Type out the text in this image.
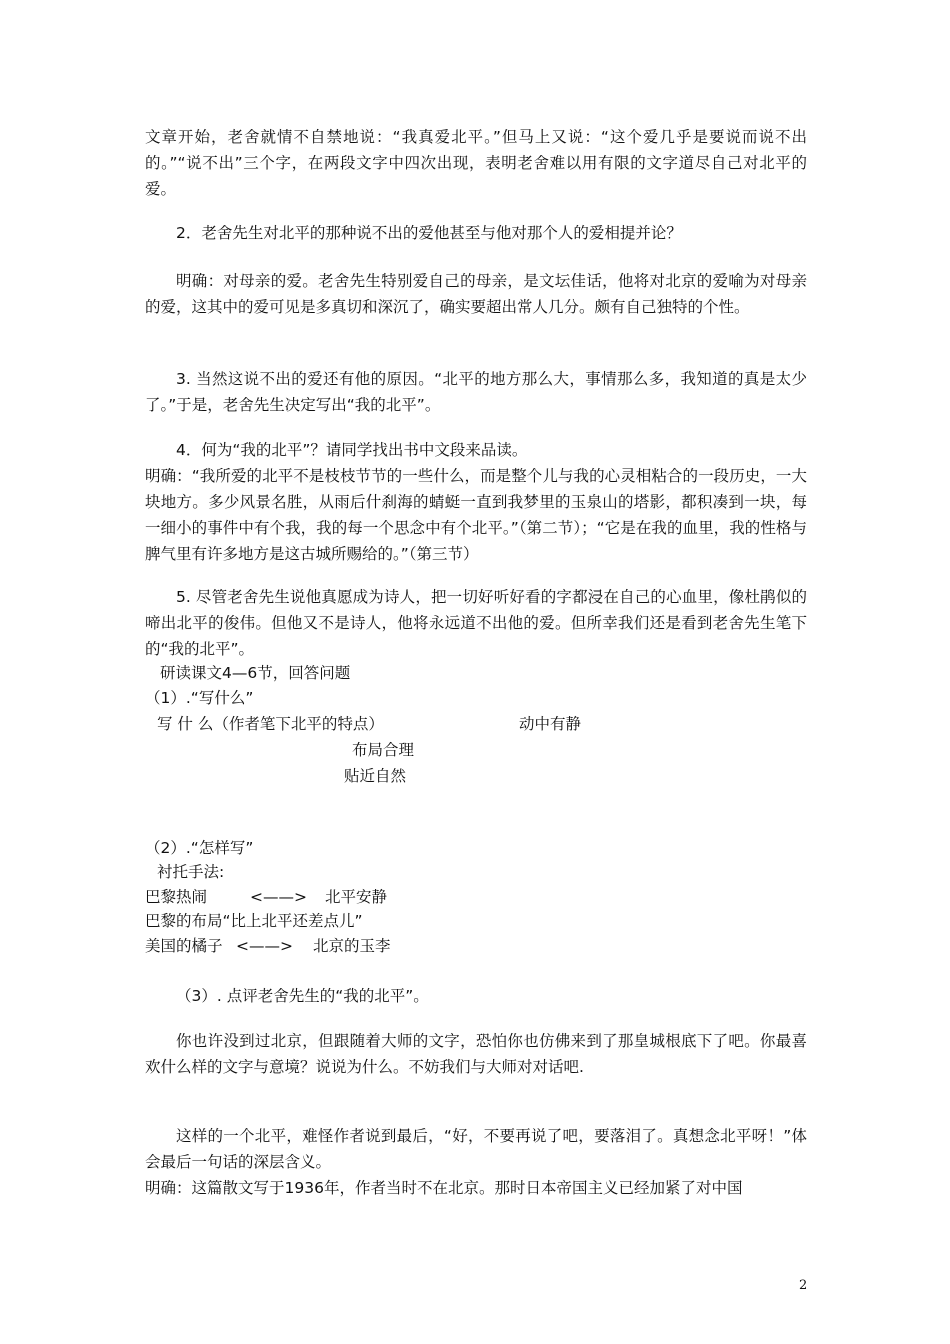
文章开始，老舍就情不自禁地说：“我真爱北平。”但马上又说：“这个爱几乎是要说而说不出的。”“说不出”三个字，在两段文字中四次出现，表明老舍难以用有限的文字道尽自己对北平的爱。
2．老舍先生对北平的那种说不出的爱他甚至与他对那个人的爱相提并论？
明确：对母亲的爱。老舍先生特别爱自己的母亲，是文坛佳话，他将对北京的爱喻为对母亲的爱，这其中的爱可见是多真切和深沉了，确实要超出常人几分。颇有自己独特的个性。
3. 当然这说不出的爱还有他的原因。“北平的地方那么大，事情那么多，我知道的真是太少了。”于是，老舍先生决定写出“我的北平”。
4．何为“我的北平”？请同学找出书中文段来品读。
明确：“我所爱的北平不是枝枝节节的一些什么，而是整个儿与我的心灵相粘合的一段历史，一大块地方。多少风景名胜，从雨后什刹海的蜻蜓一直到我梦里的玉泉山的塔影，都积凑到一块，每一细小的事件中有个我，我的每一个思念中有个北平。”（第二节）；“它是在我的血里，我的性格与脾气里有许多地方是这古城所赐给的。”（第三节）
5. 尽管老舍先生说他真愿成为诗人，把一切好听好看的字都浸在自己的心血里，像杜鹃似的啼出北平的俊伟。但他又不是诗人，他将永远道不出他的爱。但所幸我们还是看到老舍先生笔下的“我的北平”。
研读课文4—6节，回答问题
（1）.“写什么”
写 什 么（作者笔下北平的特点）	动中有静
布局合理
贴近自然
（2）.“怎样写”
衬托手法:
巴黎热闹	<——> 北平安静
巴黎的布局“比上北平还差点儿”
美国的橘子 <——> 北京的玉李
（3）. 点评老舍先生的“我的北平”。
你也许没到过北京，但跟随着大师的文字，恐怕你也仿佛来到了那皇城根底下了吧。你最喜欢什么样的文字与意境？说说为什么。不妨我们与大师对对话吧.
这样的一个北平，难怪作者说到最后，“好，不要再说了吧，要落泪了。真想念北平呀！”体会最后一句话的深层含义。
明确：这篇散文写于1936年，作者当时不在北京。那时日本帝国主义已经加紧了对中国
2
